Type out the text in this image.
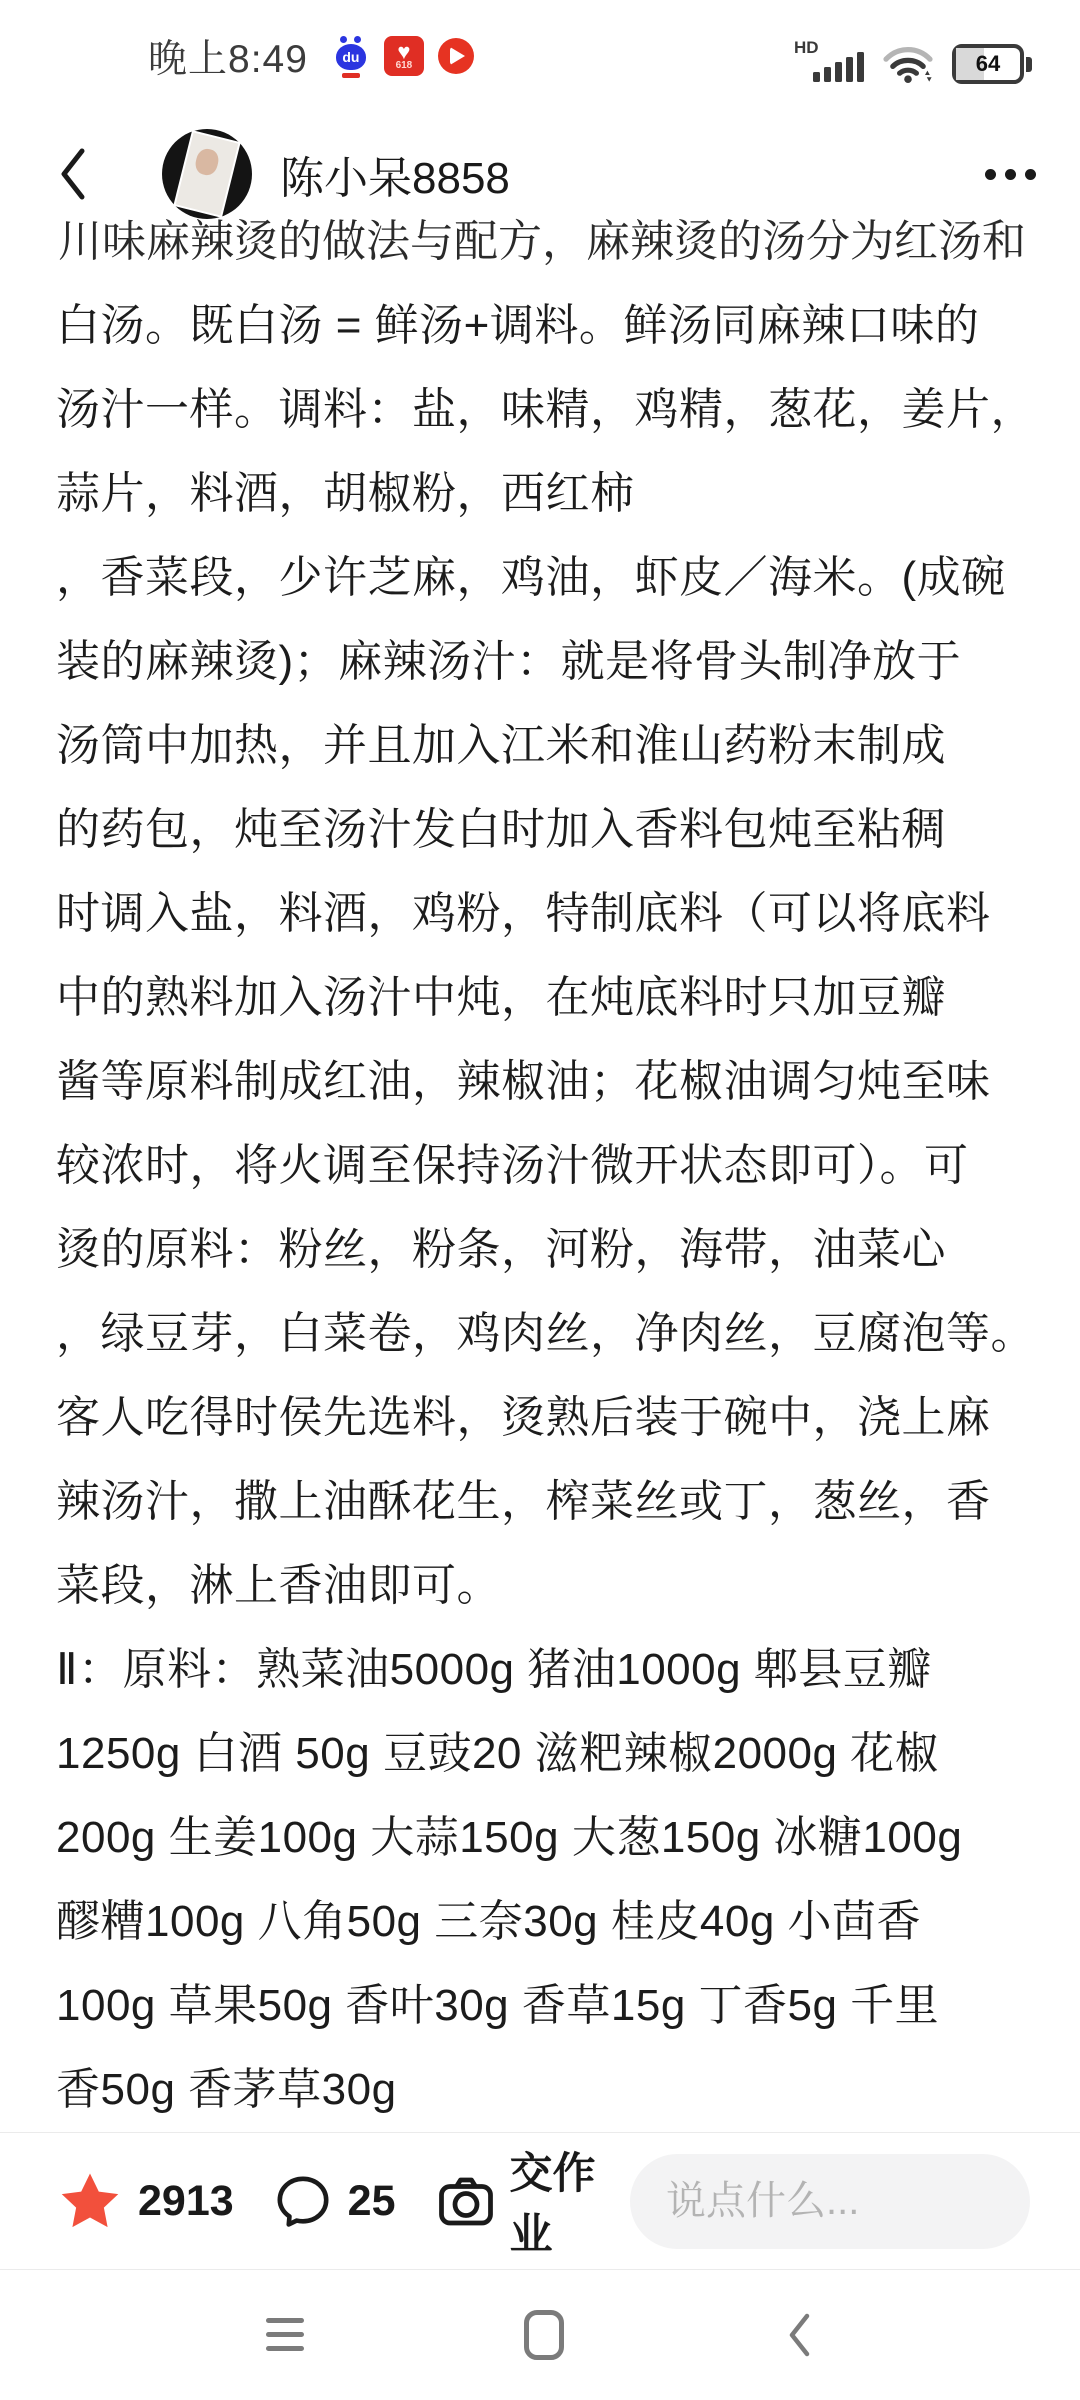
晚上8:49 du ♥
618
HD
64
陈小呆8858
川味麻辣烫的做法与配方，麻辣烫的汤分为红汤和
白汤。既白汤 = 鲜汤+调料。鲜汤同麻辣口味的
汤汁一样。调料：盐，味精，鸡精，葱花，姜片，
蒜片，料酒，胡椒粉，西红柿
，香菜段，少许芝麻，鸡油，虾皮／海米。(成碗
装的麻辣烫)；麻辣汤汁：就是将骨头制净放于
汤筒中加热，并且加入江米和淮山药粉末制成
的药包，炖至汤汁发白时加入香料包炖至粘稠
时调入盐，料酒，鸡粉，特制底料（可以将底料
中的熟料加入汤汁中炖，在炖底料时只加豆瓣
酱等原料制成红油，辣椒油；花椒油调匀炖至味
较浓时，将火调至保持汤汁微开状态即可）。可
烫的原料：粉丝，粉条，河粉，海带，油菜心
，绿豆芽，白菜卷，鸡肉丝，净肉丝，豆腐泡等。
客人吃得时侯先选料，烫熟后装于碗中，浇上麻
辣汤汁，撒上油酥花生，榨菜丝或丁，葱丝，香
菜段，淋上香油即可。
Ⅱ：原料：熟菜油5000g 猪油1000g 郫县豆瓣
1250g 白酒 50g 豆豉20 滋粑辣椒2000g 花椒
200g 生姜100g 大蒜150g 大葱150g 冰糖100g
醪糟100g 八角50g 三奈30g 桂皮40g 小茴香
100g 草果50g 香叶30g 香草15g 丁香5g 千里
香50g 香茅草30g
2913	25
交作业
说点什么...
